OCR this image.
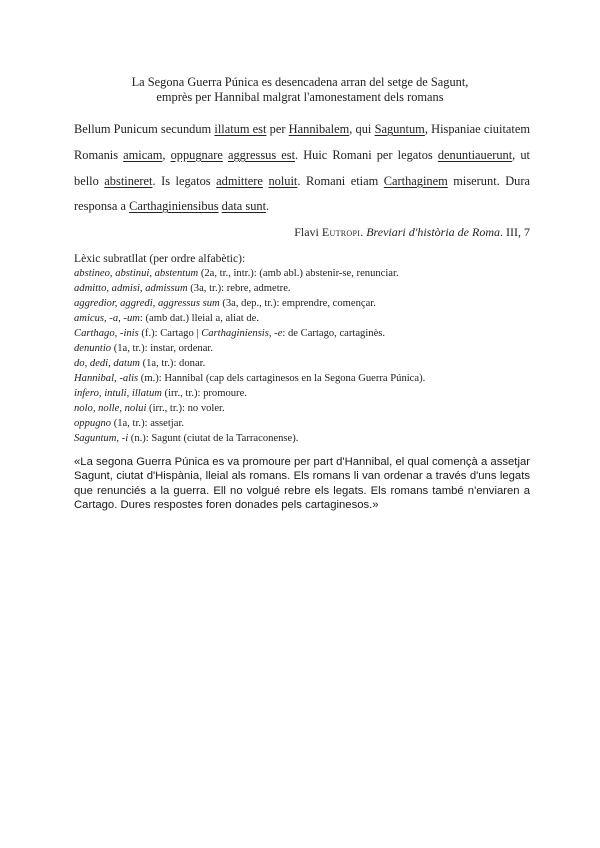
La Segona Guerra Púnica es desencadena arran del setge de Sagunt,
emprès per Hannibal malgrat l'amonestament dels romans
Bellum Punicum secundum illatum est per Hannibalem, qui Saguntum, Hispaniae ciuitatem
Romanis amicam, oppugnare aggressus est. Huic Romani per legatos denuntiauerunt, ut
bello abstineret. Is legatos admittere noluit. Romani etiam Carthaginem miserunt. Dura
responsa a Carthaginiensibus data sunt.
Flavi Eutropi. Breviari d'història de Roma. III, 7
Lèxic subratllat (per ordre alfabètic):
abstineo, abstinui, abstentum (2a, tr., intr.): (amb abl.) abstenir-se, renunciar.
admitto, admisi, admissum (3a, tr.): rebre, admetre.
aggredior, aggredi, aggressus sum (3a, dep., tr.): emprendre, començar.
amicus, -a, -um: (amb dat.) lleial a, aliat de.
Carthago, -inis (f.): Cartago | Carthaginiensis, -e: de Cartago, cartaginès.
denuntio (1a, tr.): instar, ordenar.
do, dedi, datum (1a, tr.): donar.
Hannibal, -alis (m.): Hannibal (cap dels cartaginesos en la Segona Guerra Púnica).
infero, intuli, illatum (irr., tr.): promoure.
nolo, nolle, nolui (irr., tr.): no voler.
oppugno (1a, tr.): assetjar.
«La segona Guerra Púnica es va promoure per part d'Hannibal, el qual començà a assetjar Sagunt, ciutat d'Hispània, lleial als romans. Els romans li van ordenar a través d'uns legats que renunciés a la guerra. Ell no volgué rebre els legats. Els romans també n'enviaren a Cartago. Dures respostes foren donades pels cartaginesos.»
Saguntum, -i (n.): Sagunt (ciutat de la Tarraconense).
